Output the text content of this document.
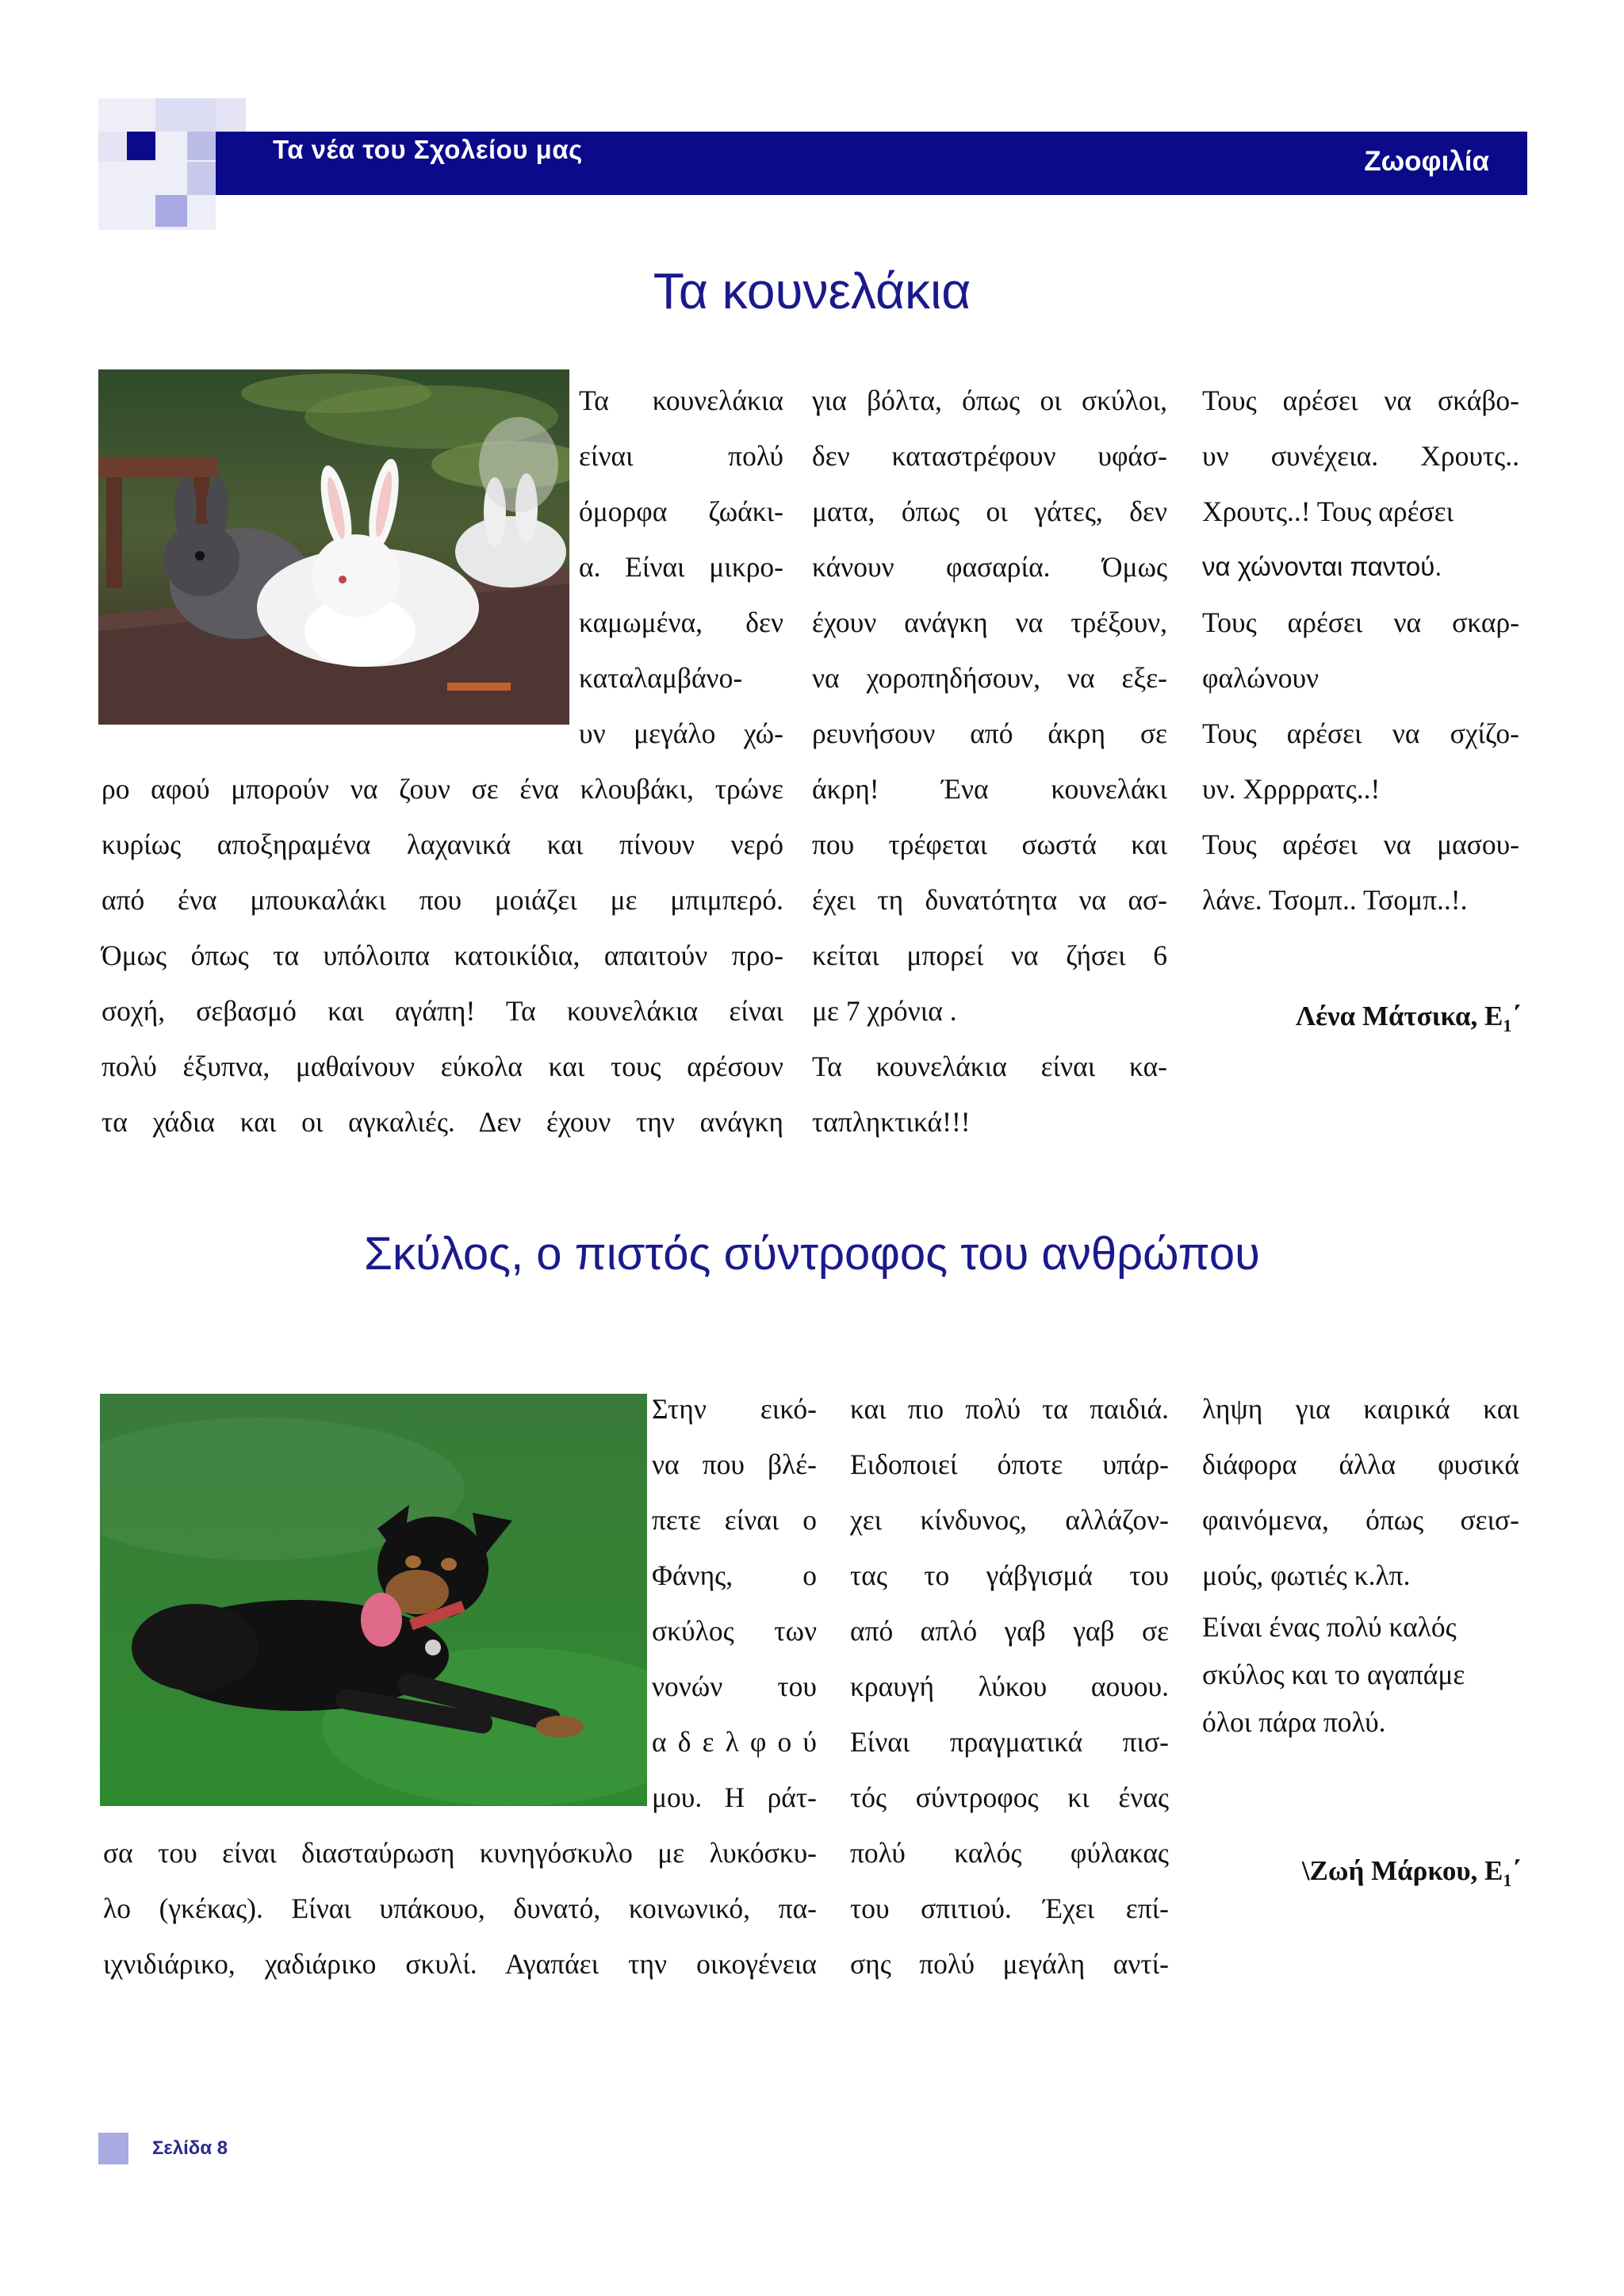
Τα νέα του Σχολείου μας	Ζωοφιλία
Τα κουνελάκια
Τα κουνελάκια
είναι πολύ
όμορφα ζωάκι-
α. Είναι μικρο-
καμωμένα, δεν
καταλαμβάνο-
υν μεγάλο χώ-
ρο αφού μπορούν να ζουν σε ένα κλουβάκι, τρώνε
κυρίως αποξηραμένα λαχανικά και πίνουν νερό
από ένα μπουκαλάκι που μοιάζει με μπιμπερό.
Όμως όπως τα υπόλοιπα κατοικίδια, απαιτούν προ-
σοχή, σεβασμό και αγάπη! Τα κουνελάκια είναι
πολύ έξυπνα, μαθαίνουν εύκολα και τους αρέσουν
τα χάδια και οι αγκαλιές. Δεν έχουν την ανάγκη
για βόλτα, όπως οι σκύλοι,
δεν καταστρέφουν υφάσ-
ματα, όπως οι γάτες, δεν
κάνουν φασαρία. Όμως
έχουν ανάγκη να τρέξουν,
να χοροπηδήσουν, να εξε-
ρευνήσουν από άκρη σε
άκρη! Ένα κουνελάκι
που τρέφεται σωστά και
έχει τη δυνατότητα να ασ-
κείται μπορεί να ζήσει 6
με 7 χρόνια .
Τα κουνελάκια είναι κα-
ταπληκτικά!!!
Τους αρέσει να σκάβο-
υν συνέχεια. Χρουτς..
Χρουτς..! Τους αρέσει
να χώνονται παντού.
Τους αρέσει να σκαρ-
φαλώνουν
Τους αρέσει να σχίζο-
υν. Χρρρρατς..!
Τους αρέσει να μασου-
λάνε. Τσομπ.. Τσομπ..!.
Λένα Μάτσικα, $E_1΄$
Σκύλος, ο πιστός σύντροφος του ανθρώπου
Στην εικό-
να που βλέ-
πετε είναι ο
Φάνης, ο
σκύλος των
νονών του
α δ ε λ φ ο ύ
μου. Η ράτ-
σα του είναι διασταύρωση κυνηγόσκυλο με λυκόσκυ-
λο (γκέκας). Είναι υπάκουο, δυνατό, κοινωνικό, πα-
ιχνιδιάρικο, χαδιάρικο σκυλί. Αγαπάει την οικογένεια
και πιο πολύ τα παιδιά.
Ειδοποιεί όποτε υπάρ-
χει κίνδυνος, αλλάζον-
τας το γάβγισμά του
από απλό γαβ γαβ σε
κραυγή λύκου αουου.
Είναι πραγματικά πισ-
τός σύντροφος κι ένας
πολύ καλός φύλακας
του σπιτιού. Έχει επί-
σης πολύ μεγάλη αντί-
ληψη για καιρικά και
διάφορα άλλα φυσικά
φαινόμενα, όπως σεισ-
μούς, φωτιές κ.λπ.
Είναι ένας πολύ καλός
σκύλος και το αγαπάμε
όλοι πάρα πολύ.
\Ζωή Μάρκου, $E_1΄$
Σελίδα 8
